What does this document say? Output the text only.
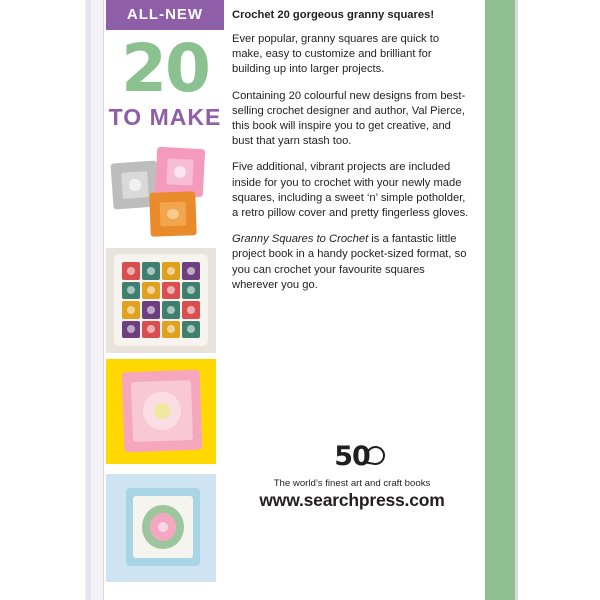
ALL-NEW
20
TO MAKE

Crochet 20 gorgeous granny squares!

Ever popular, granny squares are quick to make, easy to customize and brilliant for building up into larger projects.

Containing 20 colourful new designs from best-selling crochet designer and author, Val Pierce, this book will inspire you to get creative, and bust that yarn stash too.

Five additional, vibrant projects are included inside for you to crochet with your newly made squares, including a sweet ‘n’ simple potholder, a retro pillow cover and pretty fingerless gloves.

Granny Squares to Crochet is a fantastic little project book in a handy pocket-sized format, so you can crochet your favourite squares wherever you go.

50
The world’s finest art and craft books
www.searchpress.com
